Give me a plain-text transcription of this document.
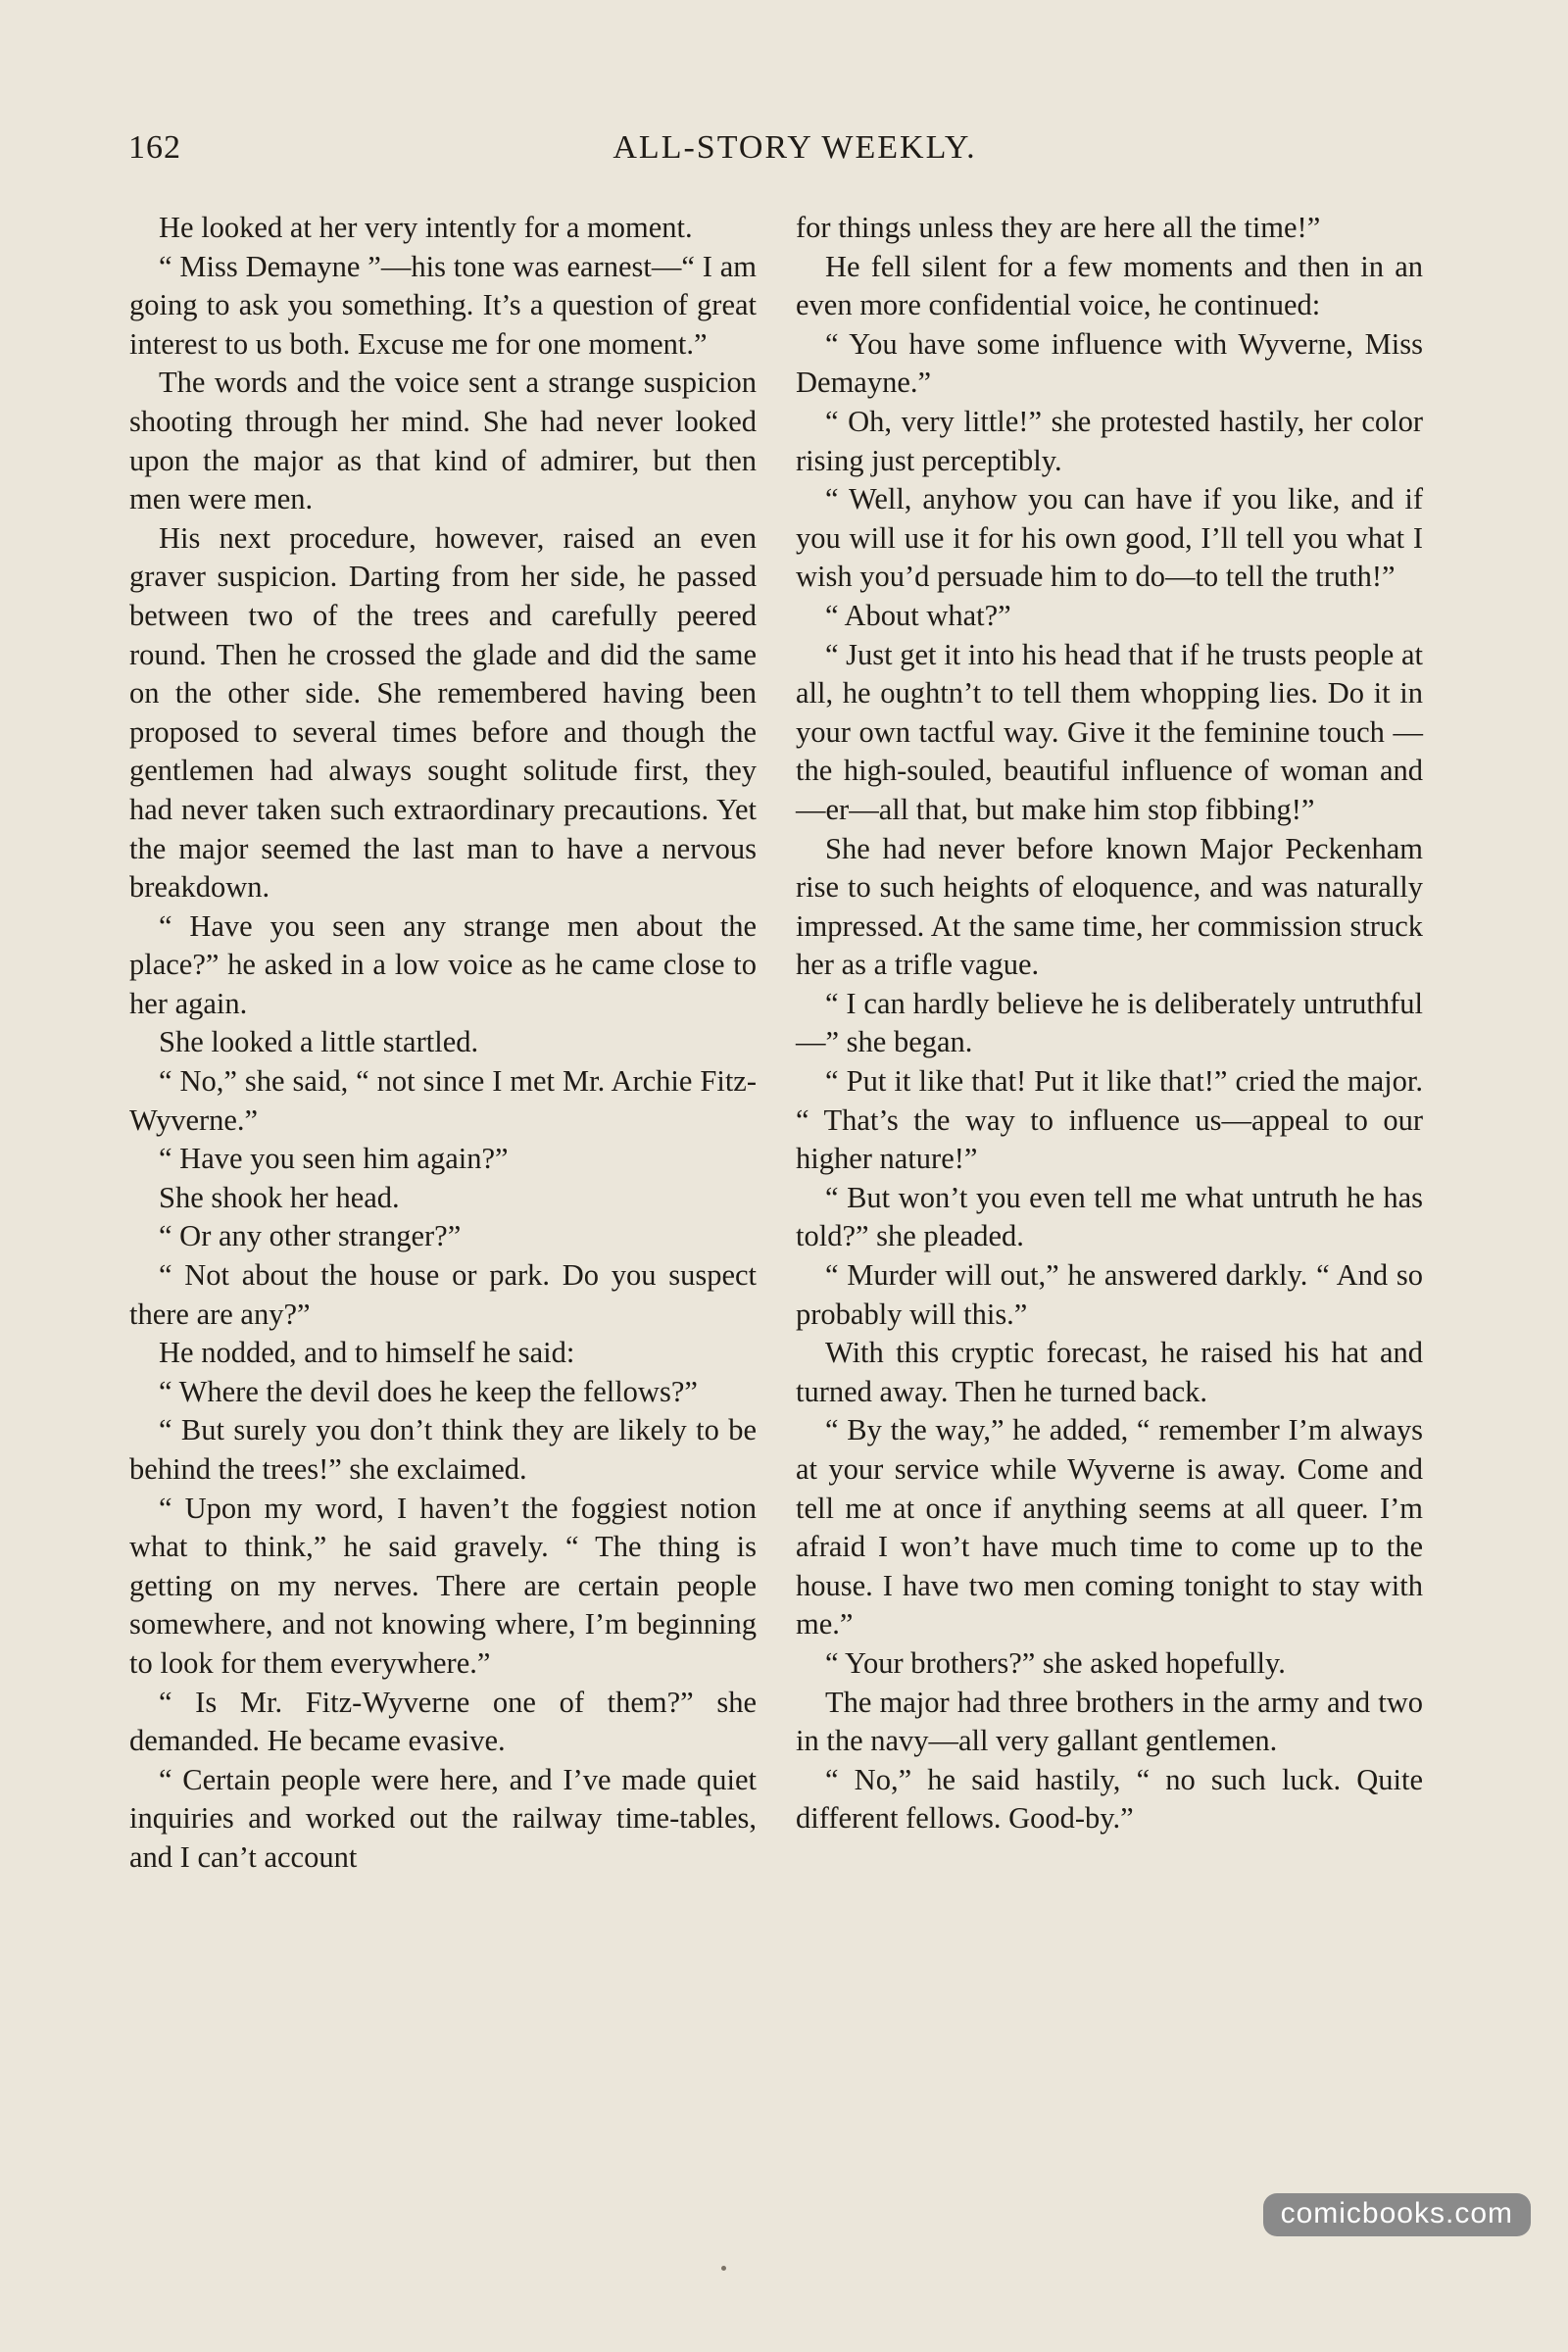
162	ALL-STORY WEEKLY.

He looked at her very intently for a moment.

“ Miss Demayne ”—his tone was earnest—“ I am going to ask you something. It’s a question of great interest to us both. Excuse me for one moment.”

The words and the voice sent a strange suspicion shooting through her mind. She had never looked upon the major as that kind of admirer, but then men were men.

His next procedure, however, raised an even graver suspicion. Darting from her side, he passed between two of the trees and carefully peered round. Then he crossed the glade and did the same on the other side. She remembered having been proposed to several times before and though the gentlemen had always sought solitude first, they had never taken such extraordinary precautions. Yet the major seemed the last man to have a nervous breakdown.

“ Have you seen any strange men about the place?” he asked in a low voice as he came close to her again.

She looked a little startled.

“ No,” she said, “ not since I met Mr. Archie Fitz-Wyverne.”

“ Have you seen him again?”

She shook her head.

“ Or any other stranger?”

“ Not about the house or park. Do you suspect there are any?”

He nodded, and to himself he said:

“ Where the devil does he keep the fellows?”

“ But surely you don’t think they are likely to be behind the trees!” she exclaimed.

“ Upon my word, I haven’t the foggiest notion what to think,” he said gravely. “ The thing is getting on my nerves. There are certain people somewhere, and not knowing where, I’m beginning to look for them everywhere.”

“ Is Mr. Fitz-Wyverne one of them?” she demanded. He became evasive.

“ Certain people were here, and I’ve made quiet inquiries and worked out the railway time-tables, and I can’t account

for things unless they are here all the time!”

He fell silent for a few moments and then in an even more confidential voice, he continued:

“ You have some influence with Wyverne, Miss Demayne.”

“ Oh, very little!” she protested hastily, her color rising just perceptibly.

“ Well, anyhow you can have if you like, and if you will use it for his own good, I’ll tell you what I wish you’d persuade him to do—to tell the truth!”

“ About what?”

“ Just get it into his head that if he trusts people at all, he oughtn’t to tell them whopping lies. Do it in your own tactful way. Give it the feminine touch —the high-souled, beautiful influence of woman and—er—all that, but make him stop fibbing!”

She had never before known Major Peckenham rise to such heights of eloquence, and was naturally impressed. At the same time, her commission struck her as a trifle vague.

“ I can hardly believe he is deliberately untruthful—” she began.

“ Put it like that! Put it like that!” cried the major. “ That’s the way to influence us—appeal to our higher nature!”

“ But won’t you even tell me what untruth he has told?” she pleaded.

“ Murder will out,” he answered darkly. “ And so probably will this.”

With this cryptic forecast, he raised his hat and turned away. Then he turned back.

“ By the way,” he added, “ remember I’m always at your service while Wyverne is away. Come and tell me at once if anything seems at all queer. I’m afraid I won’t have much time to come up to the house. I have two men coming tonight to stay with me.”

“ Your brothers?” she asked hopefully.

The major had three brothers in the army and two in the navy—all very gallant gentlemen.

“ No,” he said hastily, “ no such luck. Quite different fellows. Good-by.”

comicbooks.com
